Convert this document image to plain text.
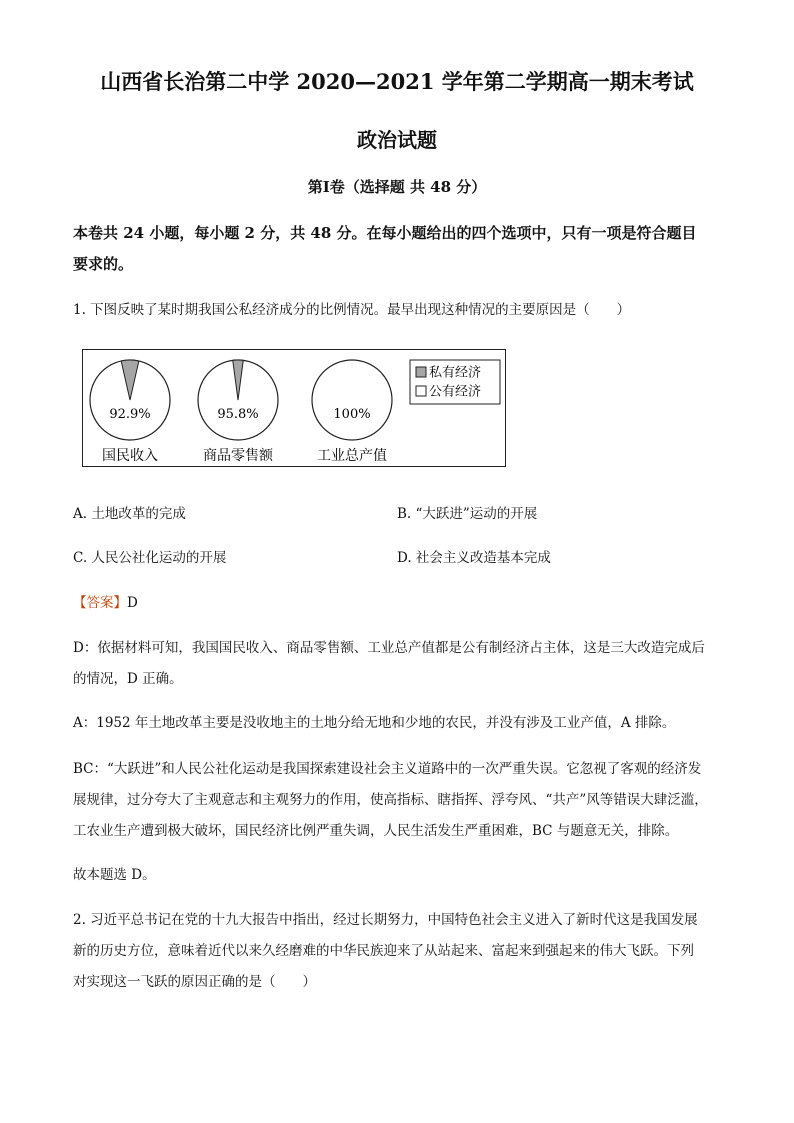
山西省长治第二中学 2020—2021 学年第二学期高一期末考试
政治试题
第Ⅰ卷（选择题 共 48 分）
本卷共 24 小题，每小题 2 分，共 48 分。在每小题给出的四个选项中，只有一项是符合题目
要求的。
1. 下图反映了某时期我国公私经济成分的比例情况。最早出现这种情况的主要原因是（　　）
92.9%
国民收入
95.8%
商品零售额
100%
工业总产值
私有经济
公有经济
A. 土地改革的完成	B. “大跃进”运动的开展
C. 人民公社化运动的开展	D. 社会主义改造基本完成
【答案】D
D：依据材料可知，我国国民收入、商品零售额、工业总产值都是公有制经济占主体，这是三大改造完成后
的情况，D 正确。
A：1952 年土地改革主要是没收地主的土地分给无地和少地的农民，并没有涉及工业产值，A 排除。
BC：“大跃进”和人民公社化运动是我国探索建设社会主义道路中的一次严重失误。它忽视了客观的经济发
展规律，过分夸大了主观意志和主观努力的作用，使高指标、瞎指挥、浮夸风、“共产”风等错误大肆泛滥，
工农业生产遭到极大破坏，国民经济比例严重失调，人民生活发生严重困难，BC 与题意无关，排除。
故本题选 D。
2. 习近平总书记在党的十九大报告中指出，经过长期努力，中国特色社会主义进入了新时代这是我国发展
新的历史方位，意味着近代以来久经磨难的中华民族迎来了从站起来、富起来到强起来的伟大飞跃。下列
对实现这一飞跃的原因正确的是（　　）
